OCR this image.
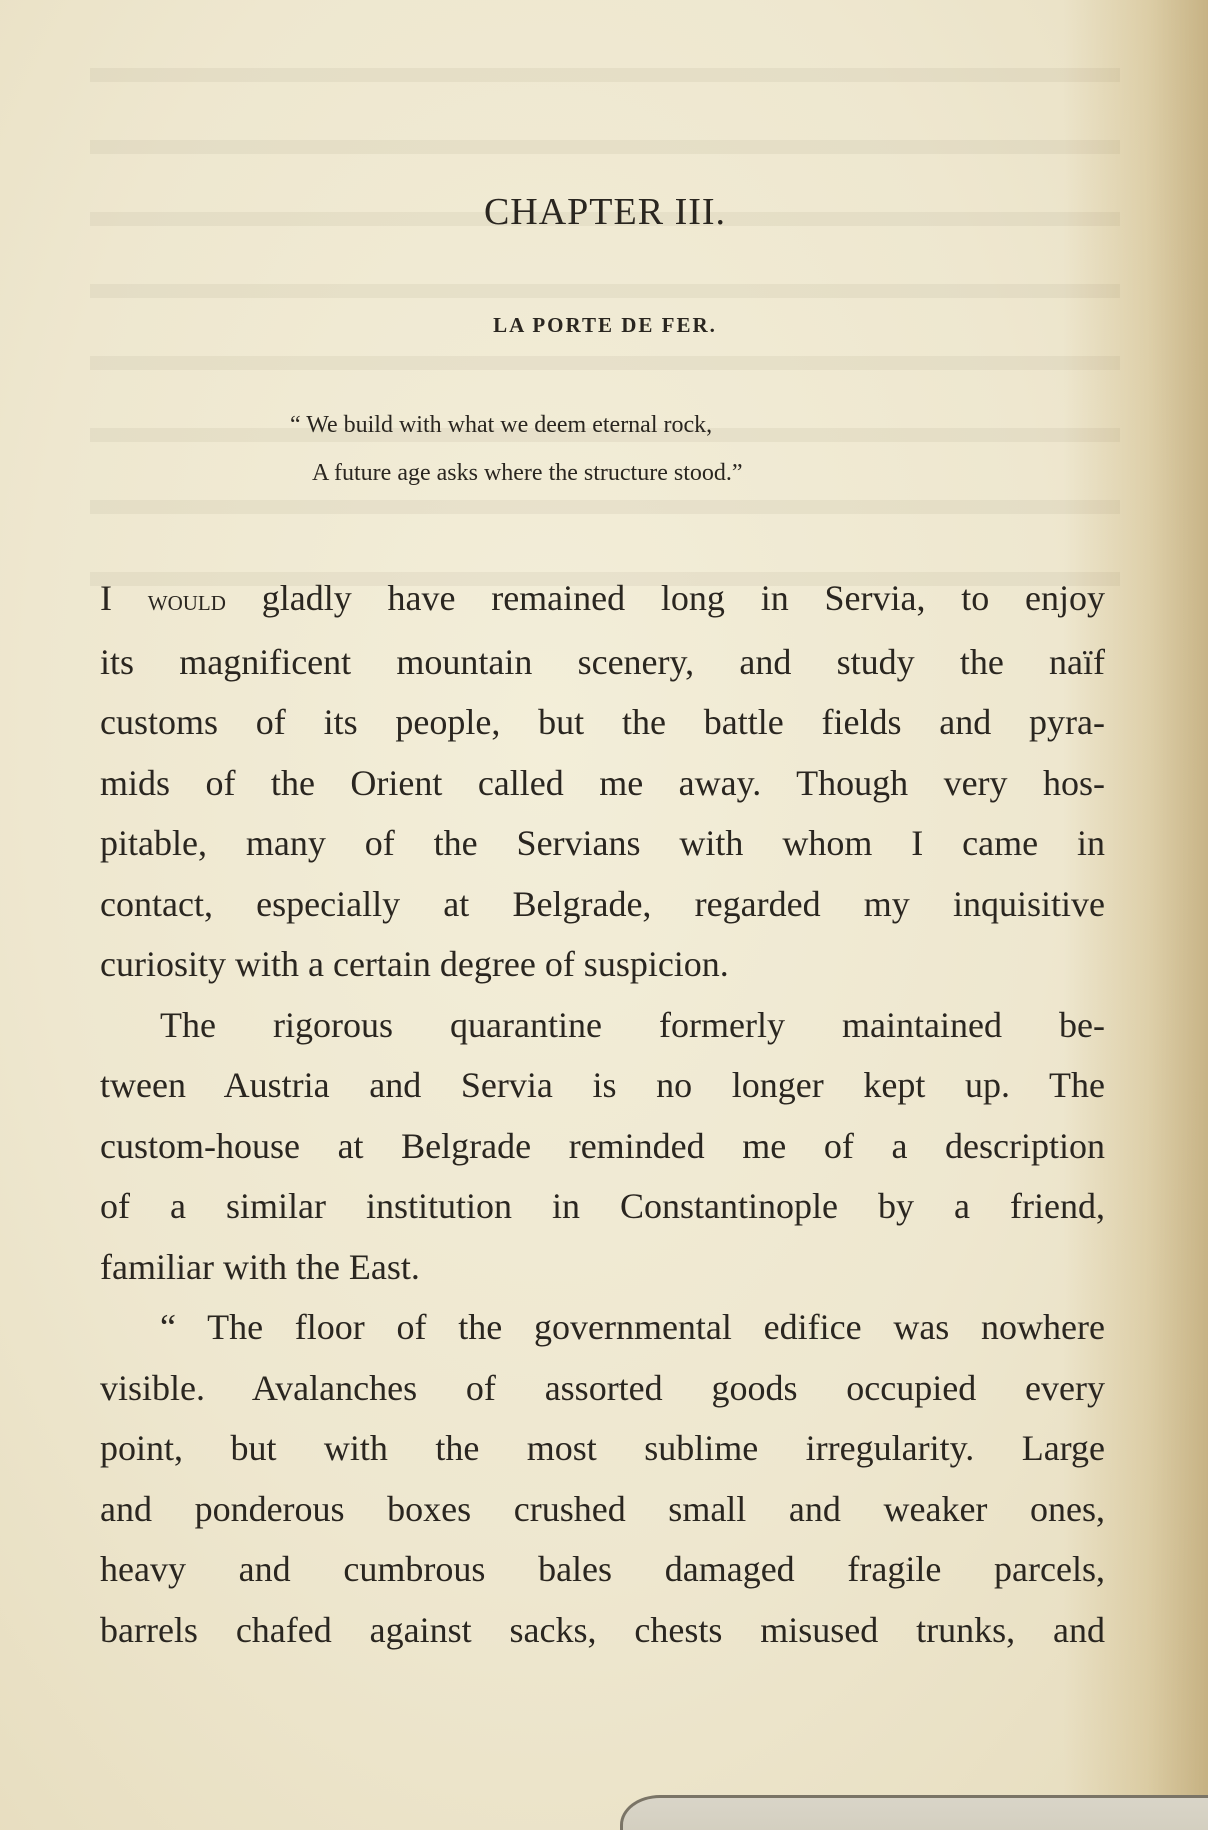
CHAPTER III.
LA PORTE DE FER.
“ We build with what we deem eternal rock,
A future age asks where the structure stood.”

I would gladly have remained long in Servia, to enjoy
its magnificent mountain scenery, and study the naïf
customs of its people, but the battle fields and pyra-
mids of the Orient called me away. Though very hos-
pitable, many of the Servians with whom I came in
contact, especially at Belgrade, regarded my inquisitive
curiosity with a certain degree of suspicion.

The rigorous quarantine formerly maintained be-
tween Austria and Servia is no longer kept up. The
custom-house at Belgrade reminded me of a description
of a similar institution in Constantinople by a friend,
familiar with the East.

“ The floor of the governmental edifice was nowhere
visible. Avalanches of assorted goods occupied every
point, but with the most sublime irregularity. Large
and ponderous boxes crushed small and weaker ones,
heavy and cumbrous bales damaged fragile parcels,
barrels chafed against sacks, chests misused trunks, and
